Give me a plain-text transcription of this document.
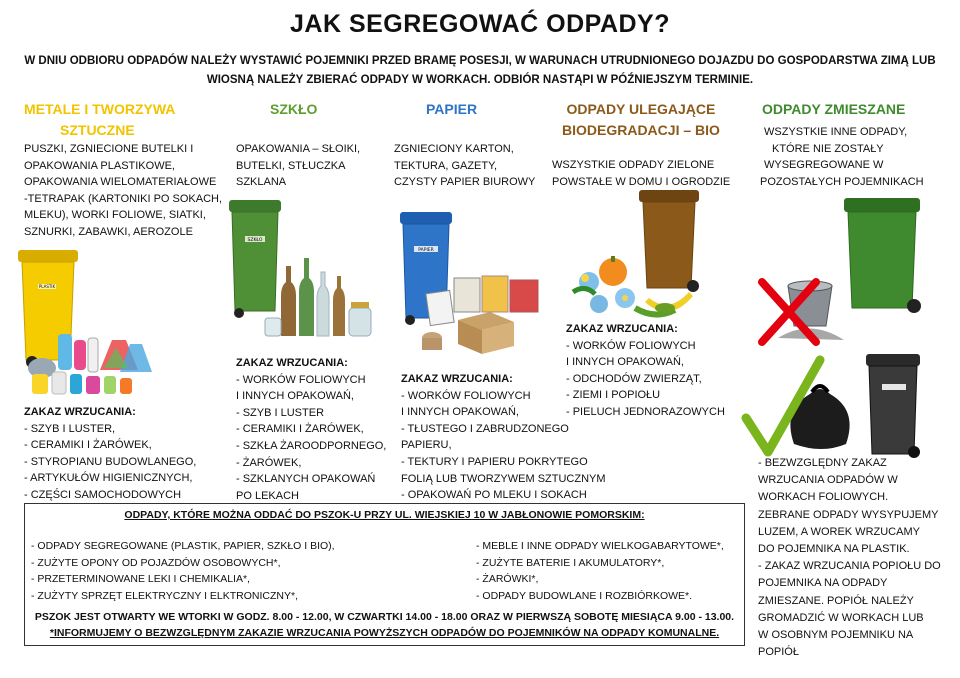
JAK SEGREGOWAĆ ODPADY?
W DNIU ODBIORU ODPADÓW NALEŻY WYSTAWIĆ POJEMNIKI PRZED BRAMĘ POSESJI, W WARUNACH UTRUDNIONEGO DOJAZDU DO GOSPODARSTWA ZIMĄ LUB
WIOSNĄ NALEŻY ZBIERAĆ ODPADY W WORKACH. ODBIÓR NASTĄPI W PÓŹNIEJSZYM TERMINIE.
METALE I TWORZYWA
SZTUCZNE
SZKŁO	PAPIER	ODPADY ULEGAJĄCE
BIODEGRADACJI – BIO
ODPADY ZMIESZANE
PUSZKI, ZGNIECIONE BUTELKI I
OPAKOWANIA PLASTIKOWE,
OPAKOWANIA WIELOMATERIAŁOWE
-TETRAPAK (KARTONIKI PO SOKACH,
MLEKU), WORKI FOLIOWE, SIATKI,
SZNURKI, ZABAWKI, AEROZOLE
OPAKOWANIA – SŁOIKI,
BUTELKI, STŁUCZKA
SZKLANA
ZGNIECIONY KARTON,
TEKTURA, GAZETY,
CZYSTY PAPIER BIUROWY
WSZYSTKIE ODPADY ZIELONE
POWSTAŁE W DOMU I OGRODZIE
WSZYSTKIE INNE ODPADY,
KTÓRE NIE ZOSTAŁY
WYSEGREGOWANE W
POZOSTAŁYCH POJEMNIKACH
PLASTIK
SZKŁO
PAPIER
ZAKAZ WRZUCANIA:
- SZYB I LUSTER,
- CERAMIKI I ŻARÓWEK,
- STYROPIANU BUDOWLANEGO,
- ARTYKUŁÓW HIGIENICZNYCH,
- CZĘŚCI SAMOCHODOWYCH
ZAKAZ WRZUCANIA:
- WORKÓW FOLIOWYCH
I INNYCH OPAKOWAŃ,
- SZYB I LUSTER
- CERAMIKI I ŻARÓWEK,
- SZKŁA ŻAROODPORNEGO,
- ŻARÓWEK,
- SZKLANYCH OPAKOWAŃ
PO LEKACH
ZAKAZ WRZUCANIA:
- WORKÓW FOLIOWYCH
I INNYCH OPAKOWAŃ,
- TŁUSTEGO I ZABRUDZONEGO
PAPIERU,
- TEKTURY I PAPIERU POKRYTEGO
FOLIĄ LUB TWORZYWEM SZTUCZNYM
- OPAKOWAŃ PO MLEKU I SOKACH
ZAKAZ WRZUCANIA:
- WORKÓW FOLIOWYCH
I INNYCH OPAKOWAŃ,
- ODCHODÓW ZWIERZĄT,
- ZIEMI I POPIOŁU
- PIELUCH JEDNORAZOWYCH
- BEZWZGLĘDNY ZAKAZ
WRZUCANIA ODPADÓW W
WORKACH FOLIOWYCH.
ZEBRANE ODPADY WYSYPUJEMY
LUZEM, A WOREK WRZUCAMY
DO POJEMNIKA NA PLASTIK.
- ZAKAZ WRZUCANIA POPIOŁU DO
POJEMNIKA NA ODPADY
ZMIESZANE. POPIÓŁ NALEŻY
GROMADZIĆ W WORKACH LUB
W OSOBNYM POJEMNIKU NA
POPIÓŁ
ODPADY, KTÓRE MOŻNA ODDAĆ DO PSZOK-U PRZY UL. WIEJSKIEJ 10 W JABŁONOWIE POMORSKIM:
- ODPADY SEGREGOWANE (PLASTIK, PAPIER, SZKŁO I BIO),
- ZUŻYTE OPONY OD POJAZDÓW OSOBOWYCH*,
- PRZETERMINOWANE LEKI I CHEMIKALIA*,
- ZUŻYTY SPRZĘT ELEKTRYCZNY I ELKTRONICZNY*,
- MEBLE I INNE ODPADY WIELKOGABARYTOWE*,
- ZUŻYTE BATERIE I AKUMULATORY*,
- ŻARÓWKI*,
- ODPADY BUDOWLANE I ROZBIÓRKOWE*.
PSZOK JEST OTWARTY WE WTORKI W GODZ. 8.00 - 12.00, W CZWARTKI 14.00 - 18.00 ORAZ W PIERWSZĄ SOBOTĘ MIESIĄCA 9.00 - 13.00.
*INFORMUJEMY O BEZWZGLĘDNYM ZAKAZIE WRZUCANIA POWYŻSZYCH ODPADÓW DO POJEMNIKÓW NA ODPADY KOMUNALNE.
